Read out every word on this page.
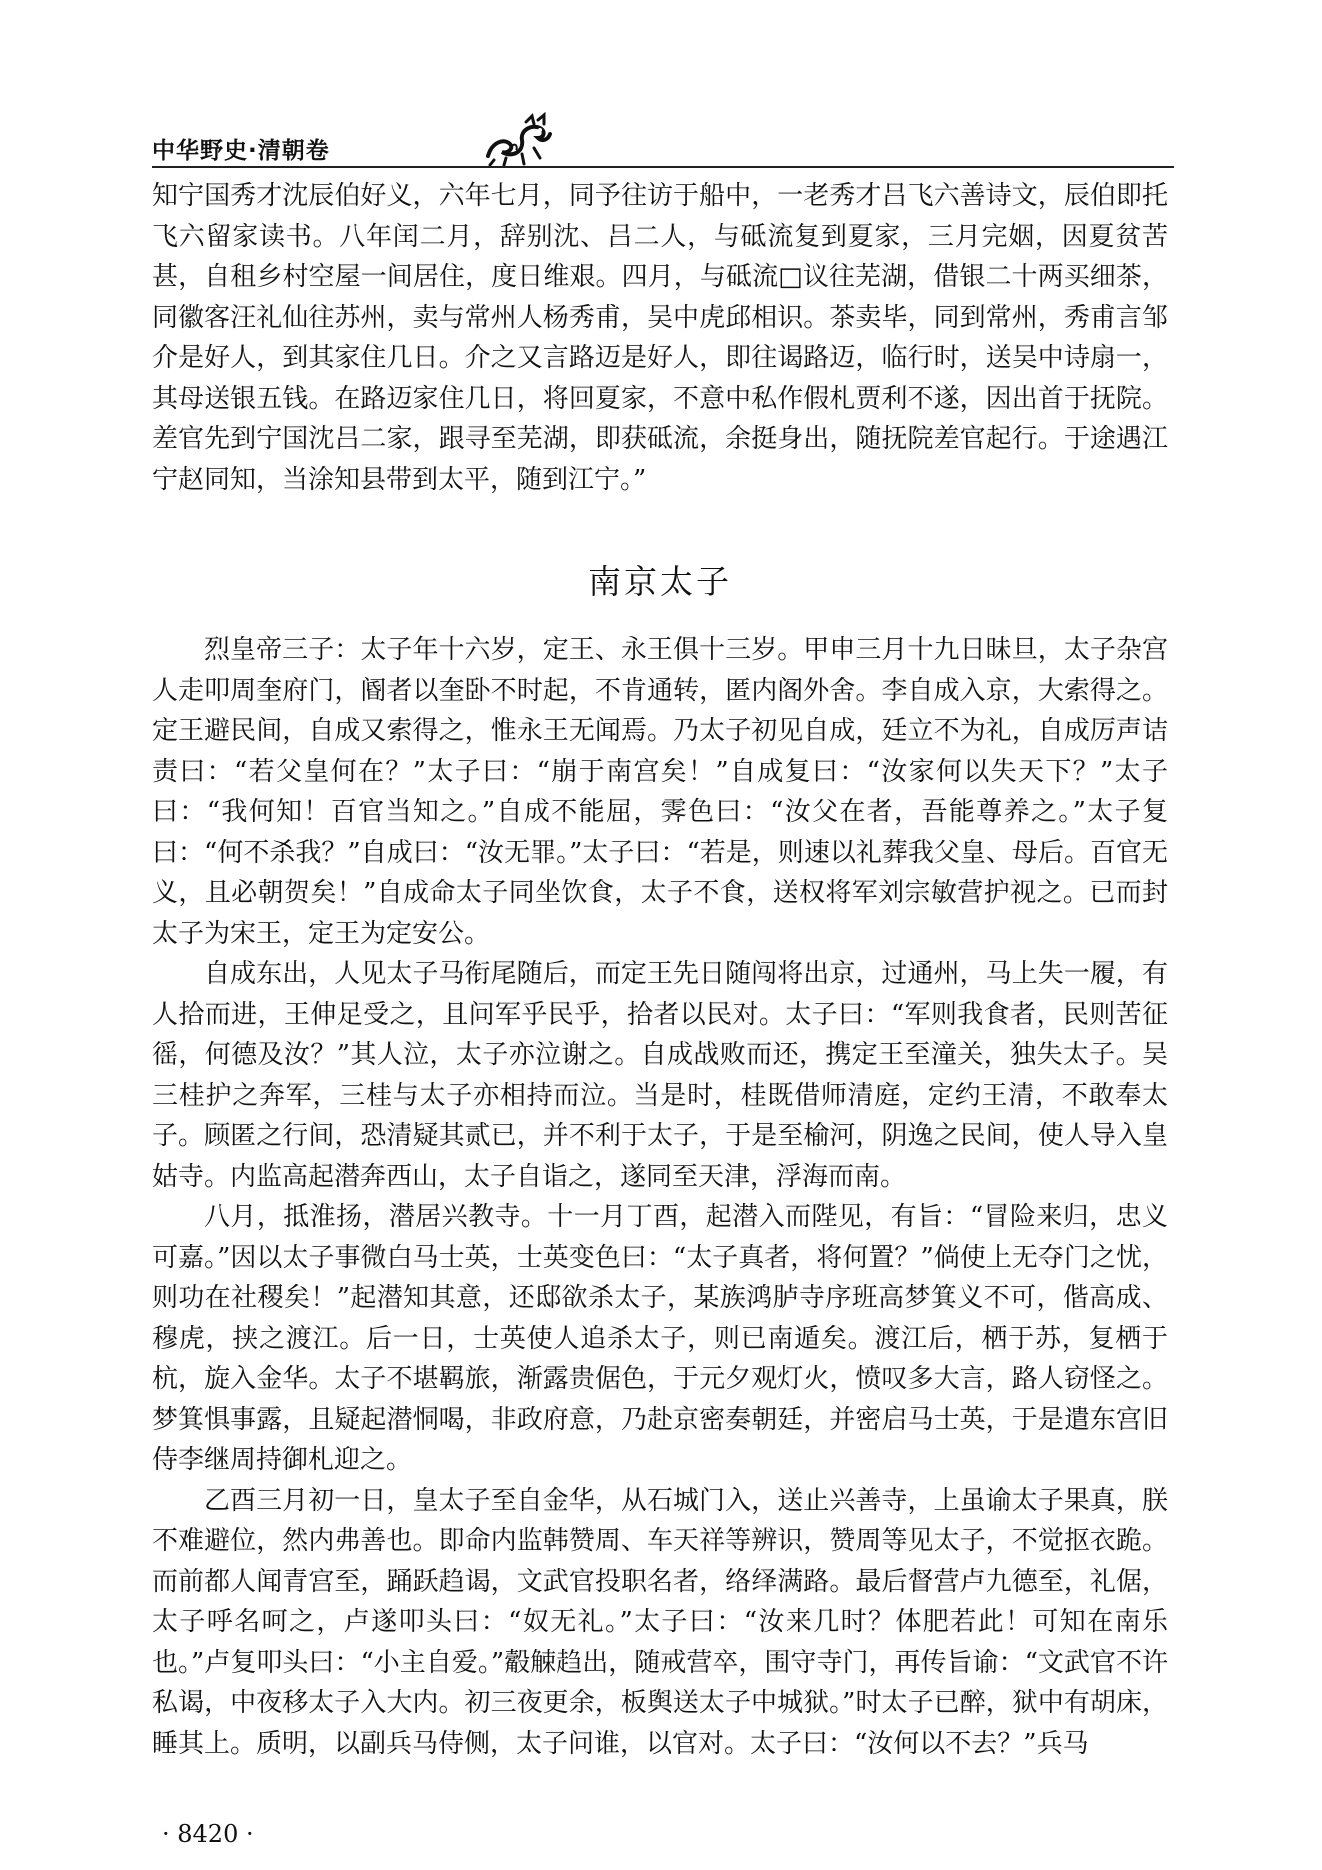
中华野史·清朝卷

知宁国秀才沈辰伯好义，六年七月，同予往访于船中，一老秀才吕飞六善诗文，辰伯即托飞六留家读书。八年闰二月，辞别沈、吕二人，与砥流复到夏家，三月完姻，因夏贫苦甚，自租乡村空屋一间居住，度日维艰。四月，与砥流□议往芜湖，借银二十两买细茶，同徽客汪礼仙往苏州，卖与常州人杨秀甫，吴中虎邱相识。茶卖毕，同到常州，秀甫言邹介是好人，到其家住几日。介之又言路迈是好人，即往谒路迈，临行时，送吴中诗扇一，其母送银五钱。在路迈家住几日，将回夏家，不意中私作假札贾利不遂，因出首于抚院。差官先到宁国沈吕二家，跟寻至芜湖，即获砥流，余挺身出，随抚院差官起行。于途遇江宁赵同知，当涂知县带到太平，随到江宁。”

南京太子

烈皇帝三子：太子年十六岁，定王、永王俱十三岁。甲申三月十九日昧旦，太子杂宫人走叩周奎府门，阍者以奎卧不时起，不肯通转，匿内阁外舍。李自成入京，大索得之。定王避民间，自成又索得之，惟永王无闻焉。乃太子初见自成，廷立不为礼，自成厉声诘责曰：“若父皇何在？”太子曰：“崩于南宫矣！”自成复曰：“汝家何以失天下？”太子曰：“我何知！百官当知之。”自成不能屈，霁色曰：“汝父在者，吾能尊养之。”太子复曰：“何不杀我？”自成曰：“汝无罪。”太子曰：“若是，则速以礼葬我父皇、母后。百官无义，且必朝贺矣！”自成命太子同坐饮食，太子不食，送权将军刘宗敏营护视之。已而封太子为宋王，定王为定安公。

自成东出，人见太子马衔尾随后，而定王先日随闯将出京，过通州，马上失一履，有人拾而进，王伸足受之，且问军乎民乎，拾者以民对。太子曰：“军则我食者，民则苦征徭，何德及汝？”其人泣，太子亦泣谢之。自成战败而还，携定王至潼关，独失太子。吴三桂护之奔军，三桂与太子亦相持而泣。当是时，桂既借师清庭，定约王清，不敢奉太子。顾匿之行间，恐清疑其贰已，并不利于太子，于是至榆河，阴逸之民间，使人导入皇姑寺。内监高起潜奔西山，太子自诣之，遂同至天津，浮海而南。

八月，抵淮扬，潜居兴教寺。十一月丁酉，起潜入而陛见，有旨：“冒险来归，忠义可嘉。”因以太子事微白马士英，士英变色曰：“太子真者，将何置？”倘使上无夺门之忧，则功在社稷矣！”起潜知其意，还邸欲杀太子，某族鸿胪寺序班高梦箕义不可，偕高成、穆虎，挟之渡江。后一日，士英使人追杀太子，则已南遁矣。渡江后，栖于苏，复栖于杭，旋入金华。太子不堪羁旅，渐露贵倨色，于元夕观灯火，愤叹多大言，路人窃怪之。梦箕惧事露，且疑起潜恫喝，非政府意，乃赴京密奏朝廷，并密启马士英，于是遣东宫旧侍李继周持御札迎之。

乙酉三月初一日，皇太子至自金华，从石城门入，送止兴善寺，上虽谕太子果真，朕不难避位，然内弗善也。即命内监韩赞周、车天祥等辨识，赞周等见太子，不觉抠衣跪。而前都人闻青宫至，踊跃趋谒，文武官投职名者，络绎满路。最后督营卢九德至，礼倨，太子呼名呵之，卢遂叩头曰：“奴无礼。”太子曰：“汝来几时？体肥若此！可知在南乐也。”卢复叩头曰：“小主自爱。”觳觫趋出，随戒营卒，围守寺门，再传旨谕：“文武官不许私谒，中夜移太子入大内。初三夜更余，板舆送太子中城狱。”时太子已醉，狱中有胡床，睡其上。质明，以副兵马侍侧，太子问谁，以官对。太子曰：“汝何以不去？”兵马

· 8420 ·
